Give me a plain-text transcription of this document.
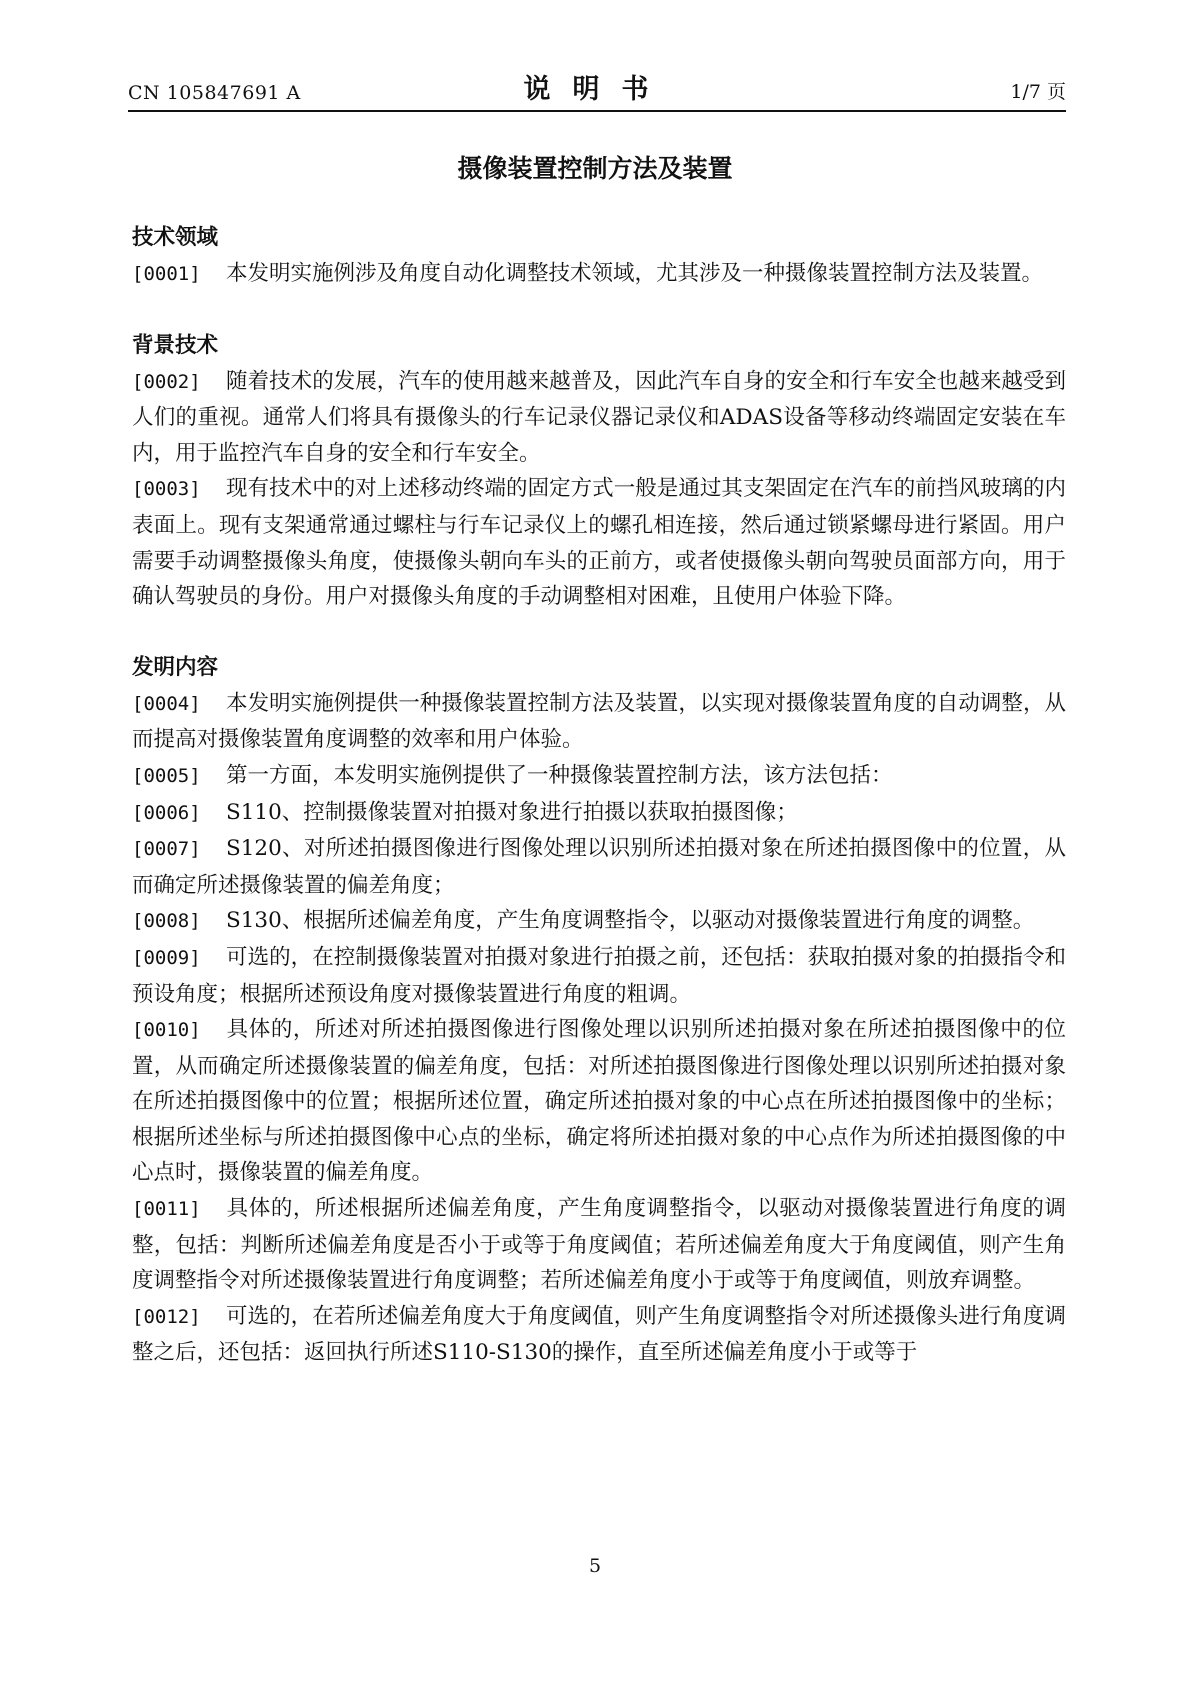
CN 105847691 A	说明书	1/7 页
摄像装置控制方法及装置
技术领域

[0001] 本发明实施例涉及角度自动化调整技术领域，尤其涉及一种摄像装置控制方法及装置。

背景技术

[0002] 随着技术的发展，汽车的使用越来越普及，因此汽车自身的安全和行车安全也越来越受到人们的重视。通常人们将具有摄像头的行车记录仪器记录仪和ADAS设备等移动终端固定安装在车内，用于监控汽车自身的安全和行车安全。

[0003] 现有技术中的对上述移动终端的固定方式一般是通过其支架固定在汽车的前挡风玻璃的内表面上。现有支架通常通过螺柱与行车记录仪上的螺孔相连接，然后通过锁紧螺母进行紧固。用户需要手动调整摄像头角度，使摄像头朝向车头的正前方，或者使摄像头朝向驾驶员面部方向，用于确认驾驶员的身份。用户对摄像头角度的手动调整相对困难，且使用户体验下降。

发明内容

[0004] 本发明实施例提供一种摄像装置控制方法及装置，以实现对摄像装置角度的自动调整，从而提高对摄像装置角度调整的效率和用户体验。

[0005] 第一方面，本发明实施例提供了一种摄像装置控制方法，该方法包括：

[0006] S110、控制摄像装置对拍摄对象进行拍摄以获取拍摄图像；

[0007] S120、对所述拍摄图像进行图像处理以识别所述拍摄对象在所述拍摄图像中的位置，从而确定所述摄像装置的偏差角度；

[0008] S130、根据所述偏差角度，产生角度调整指令，以驱动对摄像装置进行角度的调整。

[0009] 可选的，在控制摄像装置对拍摄对象进行拍摄之前，还包括：获取拍摄对象的拍摄指令和预设角度；根据所述预设角度对摄像装置进行角度的粗调。

[0010] 具体的，所述对所述拍摄图像进行图像处理以识别所述拍摄对象在所述拍摄图像中的位置，从而确定所述摄像装置的偏差角度，包括：对所述拍摄图像进行图像处理以识别所述拍摄对象在所述拍摄图像中的位置；根据所述位置，确定所述拍摄对象的中心点在所述拍摄图像中的坐标；根据所述坐标与所述拍摄图像中心点的坐标，确定将所述拍摄对象的中心点作为所述拍摄图像的中心点时，摄像装置的偏差角度。

[0011] 具体的，所述根据所述偏差角度，产生角度调整指令，以驱动对摄像装置进行角度的调整，包括：判断所述偏差角度是否小于或等于角度阈值；若所述偏差角度大于角度阈值，则产生角度调整指令对所述摄像装置进行角度调整；若所述偏差角度小于或等于角度阈值，则放弃调整。

[0012] 可选的，在若所述偏差角度大于角度阈值，则产生角度调整指令对所述摄像头进行角度调整之后，还包括：返回执行所述S110-S130的操作，直至所述偏差角度小于或等于

5
